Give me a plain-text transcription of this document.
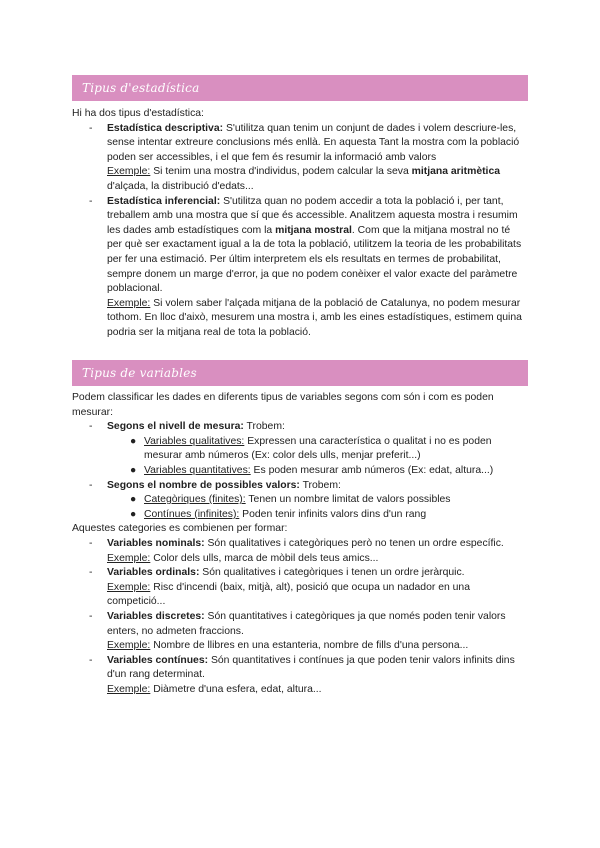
Tipus d'estadística

Hi ha dos tipus d'estadística:

- Estadística descriptiva: S'utilitza quan tenim un conjunt de dades i volem descriure-les, sense intentar extreure conclusions més enllà. En aquesta Tant la mostra com la població poden ser accessibles, i el que fem és resumir la informació amb valors

Exemple: Si tenim una mostra d'individus, podem calcular la seva mitjana aritmètica d'alçada, la distribució d'edats...

- Estadística inferencial: S'utilitza quan no podem accedir a tota la població i, per tant, treballem amb una mostra que sí que és accessible. Analitzem aquesta mostra i resumim les dades amb estadístiques com la mitjana mostral. Com que la mitjana mostral no té per què ser exactament igual a la de tota la població, utilitzem la teoria de les probabilitats per fer una estimació. Per últim interpretem els els resultats en termes de probabilitat, sempre donem un marge d'error, ja que no podem conèixer el valor exacte del paràmetre poblacional.

Exemple: Si volem saber l'alçada mitjana de la població de Catalunya, no podem mesurar tothom. En lloc d'això, mesurem una mostra i, amb les eines estadístiques, estimem quina podria ser la mitjana real de tota la població.

Tipus de variables

Podem classificar les dades en diferents tipus de variables segons com són i com es poden mesurar:

- Segons el nivell de mesura: Trobem:

● Variables qualitatives: Expressen una característica o qualitat i no es poden mesurar amb números (Ex: color dels ulls, menjar preferit...)

● Variables quantitatives: Es poden mesurar amb números (Ex: edat, altura...)

- Segons el nombre de possibles valors: Trobem:

● Categòriques (finites): Tenen un nombre limitat de valors possibles

● Contínues (infinites): Poden tenir infinits valors dins d'un rang

Aquestes categories es combienen per formar:

- Variables nominals: Són qualitatives i categòriques però no tenen un ordre específic.

Exemple: Color dels ulls, marca de mòbil dels teus amics...

- Variables ordinals: Són qualitatives i categòriques i tenen un ordre jeràrquic.

Exemple: Risc d'incendi (baix, mitjà, alt), posició que ocupa un nadador en una competició...

- Variables discretes: Són quantitatives i categòriques ja que només poden tenir valors enters, no admeten fraccions.

Exemple: Nombre de llibres en una estanteria, nombre de fills d'una persona...

- Variables contínues: Són quantitatives i contínues ja que poden tenir valors infinits dins d'un rang determinat.

Exemple: Diàmetre d'una esfera, edat, altura...
